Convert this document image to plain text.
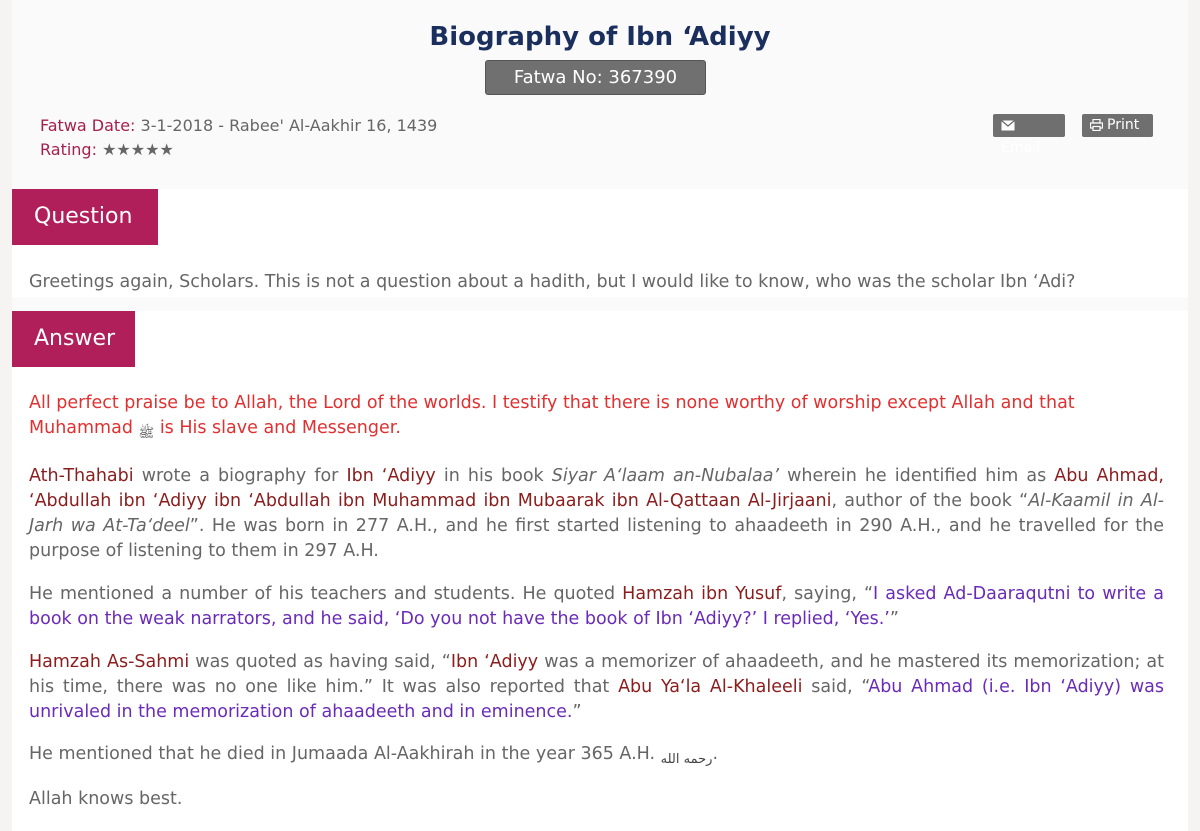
Biography of Ibn ‘Adiyy
Fatwa No: 367390
Fatwa Date: 3-1-2018 - Rabee' Al-Aakhir 16, 1439
Rating: ★★★★★	Email
Print
Question
Greetings again, Scholars. This is not a question about a hadith, but I would like to know, who was the scholar Ibn ‘Adi?
Answer
All perfect praise be to Allah, the Lord of the worlds. I testify that there is none worthy of worship except Allah and that Muhammad ﷺ is His slave and Messenger.
Ath-Thahabi wrote a biography for Ibn ‘Adiyy in his book Siyar A‘laam an-Nubalaa’ wherein he identified him as Abu Ahmad, ‘Abdullah ibn ‘Adiyy ibn ‘Abdullah ibn Muhammad ibn Mubaarak ibn Al-Qattaan Al-Jirjaani, author of the book “Al-Kaamil in Al-Jarh wa At-Ta‘deel”. He was born in 277 A.H., and he first started listening to ahaadeeth in 290 A.H., and he travelled for the purpose of listening to them in 297 A.H.
He mentioned a number of his teachers and students. He quoted Hamzah ibn Yusuf, saying, “I asked Ad-Daaraqutni to write a book on the weak narrators, and he said, ‘Do you not have the book of Ibn ‘Adiyy?’ I replied, ‘Yes.’”
Hamzah As-Sahmi was quoted as having said, “Ibn ‘Adiyy was a memorizer of ahaadeeth, and he mastered its memorization; at his time, there was no one like him.” It was also reported that Abu Ya‘la Al-Khaleeli said, “Abu Ahmad (i.e. Ibn ‘Adiyy) was unrivaled in the memorization of ahaadeeth and in eminence.”
He mentioned that he died in Jumaada Al-Aakhirah in the year 365 A.H. رحمه الله.
Allah knows best.
